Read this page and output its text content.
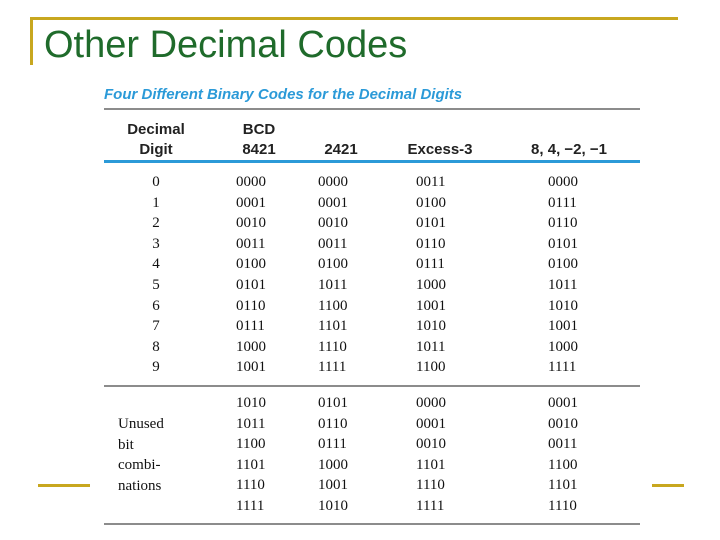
Other Decimal Codes
Four Different Binary Codes for the Decimal Digits
Decimal
Digit
BCD
8421	2421	Excess-3	8, 4, −2, −1
0	0000	0000	0011	0000
1	0001	0001	0100	0111
2	0010	0010	0101	0110
3	0011	0011	0110	0101
4	0100	0100	0111	0100
5	0101	1011	1000	1011
6	0110	1100	1001	1010
7	0111	1101	1010	1001
8	1000	1110	1011	1000
9	1001	1111	1100	1111
Unused
bit
combi-
nations
1010	0101	0000	0001
1011	0110	0001	0010
1100	0111	0010	0011
1101	1000	1101	1100
1110	1001	1110	1101
1111	1010	1111	1110
